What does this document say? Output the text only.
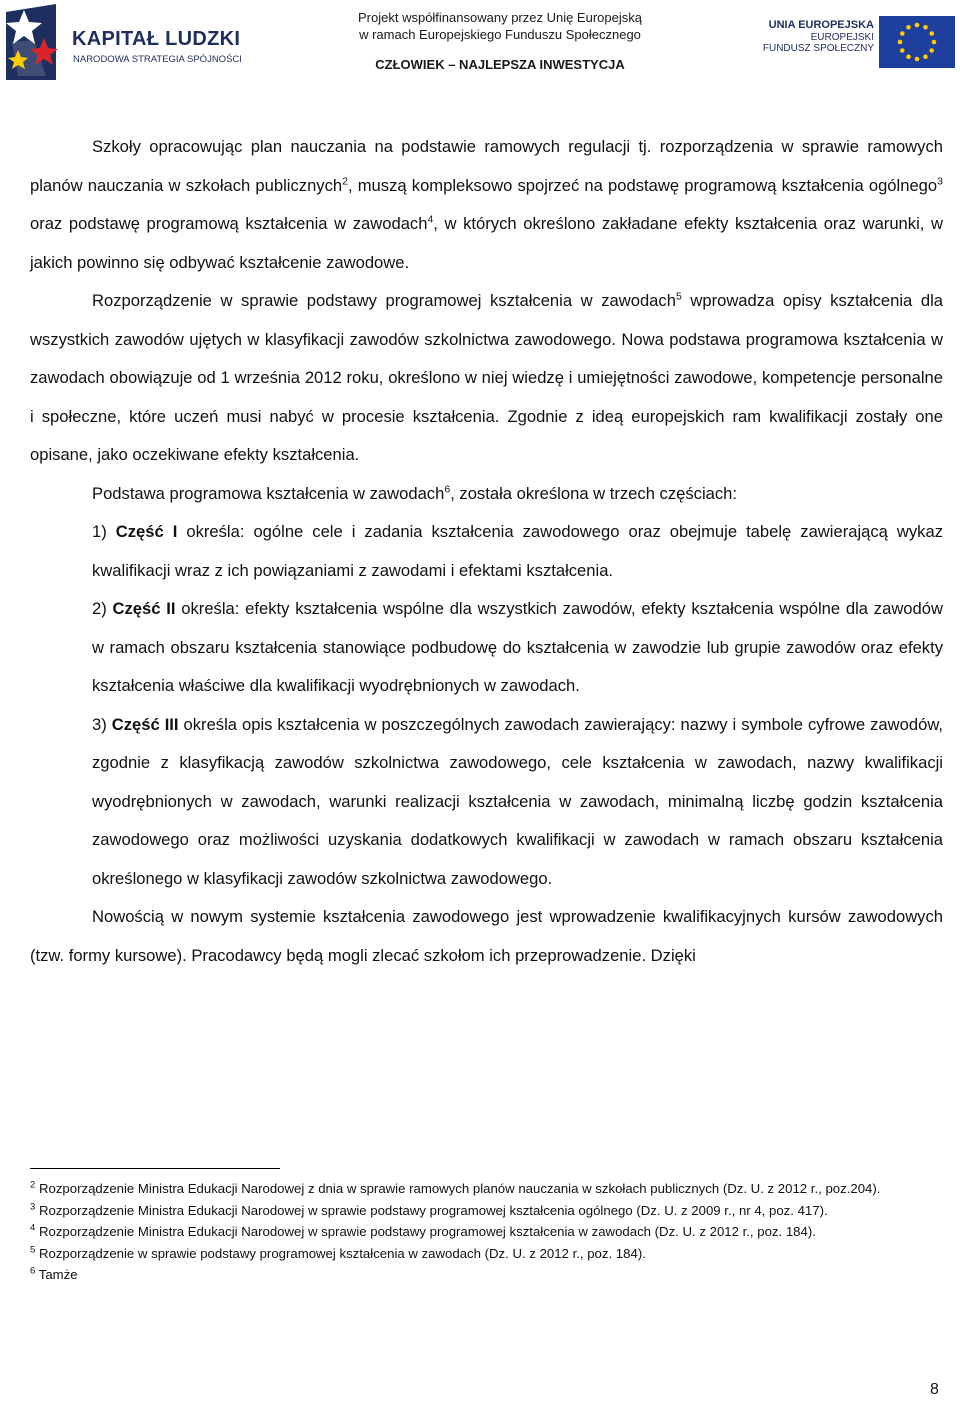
KAPITAŁ LUDZKI
NARODOWA STRATEGIA SPÓJNOŚCI
Projekt współfinansowany przez Unię Europejską
w ramach Europejskiego Funduszu Społecznego
CZŁOWIEK – NAJLEPSZA INWESTYCJA
UNIA EUROPEJSKA
EUROPEJSKI
FUNDUSZ SPOŁECZNY

Szkoły opracowując plan nauczania na podstawie ramowych regulacji tj. rozporządzenia w sprawie ramowych planów nauczania w szkołach publicznych$^2$, muszą kompleksowo spojrzeć na podstawę programową kształcenia ogólnego$^3$ oraz podstawę programową kształcenia w zawodach$^4$, w których określono zakładane efekty kształcenia oraz warunki, w jakich powinno się odbywać kształcenie zawodowe.

Rozporządzenie w sprawie podstawy programowej kształcenia w zawodach$^5$ wprowadza opisy kształcenia dla wszystkich zawodów ujętych w klasyfikacji zawodów szkolnictwa zawodowego. Nowa podstawa programowa kształcenia w zawodach obowiązuje od 1 września 2012 roku, określono w niej wiedzę i umiejętności zawodowe, kompetencje personalne i społeczne, które uczeń musi nabyć w procesie kształcenia. Zgodnie z ideą europejskich ram kwalifikacji zostały one opisane, jako oczekiwane efekty kształcenia.

Podstawa programowa kształcenia w zawodach$^6$, została określona w trzech częściach:

1) Część I określa: ogólne cele i zadania kształcenia zawodowego oraz obejmuje tabelę zawierającą wykaz kwalifikacji wraz z ich powiązaniami z zawodami i efektami kształcenia.

2) Część II określa: efekty kształcenia wspólne dla wszystkich zawodów, efekty kształcenia wspólne dla zawodów w ramach obszaru kształcenia stanowiące podbudowę do kształcenia w zawodzie lub grupie zawodów oraz efekty kształcenia właściwe dla kwalifikacji wyodrębnionych w zawodach.

3) Część III określa opis kształcenia w poszczególnych zawodach zawierający: nazwy i symbole cyfrowe zawodów, zgodnie z klasyfikacją zawodów szkolnictwa zawodowego, cele kształcenia w zawodach, nazwy kwalifikacji wyodrębnionych w zawodach, warunki realizacji kształcenia w zawodach, minimalną liczbę godzin kształcenia zawodowego oraz możliwości uzyskania dodatkowych kwalifikacji w zawodach w ramach obszaru kształcenia określonego w klasyfikacji zawodów szkolnictwa zawodowego.

Nowością w nowym systemie kształcenia zawodowego jest wprowadzenie kwalifikacyjnych kursów zawodowych (tzw. formy kursowe). Pracodawcy będą mogli zlecać szkołom ich przeprowadzenie. Dzięki

$^2$ Rozporządzenie Ministra Edukacji Narodowej z dnia w sprawie ramowych planów nauczania w szkołach publicznych (Dz. U. z 2012 r., poz.204).

$^3$ Rozporządzenie Ministra Edukacji Narodowej w sprawie podstawy programowej kształcenia ogólnego (Dz. U. z 2009 r., nr 4, poz. 417).

$^4$ Rozporządzenie Ministra Edukacji Narodowej w sprawie podstawy programowej kształcenia w zawodach (Dz. U. z 2012 r., poz. 184).

$^5$ Rozporządzenie w sprawie podstawy programowej kształcenia w zawodach (Dz. U. z 2012 r., poz. 184).

$^6$ Tamże

8
